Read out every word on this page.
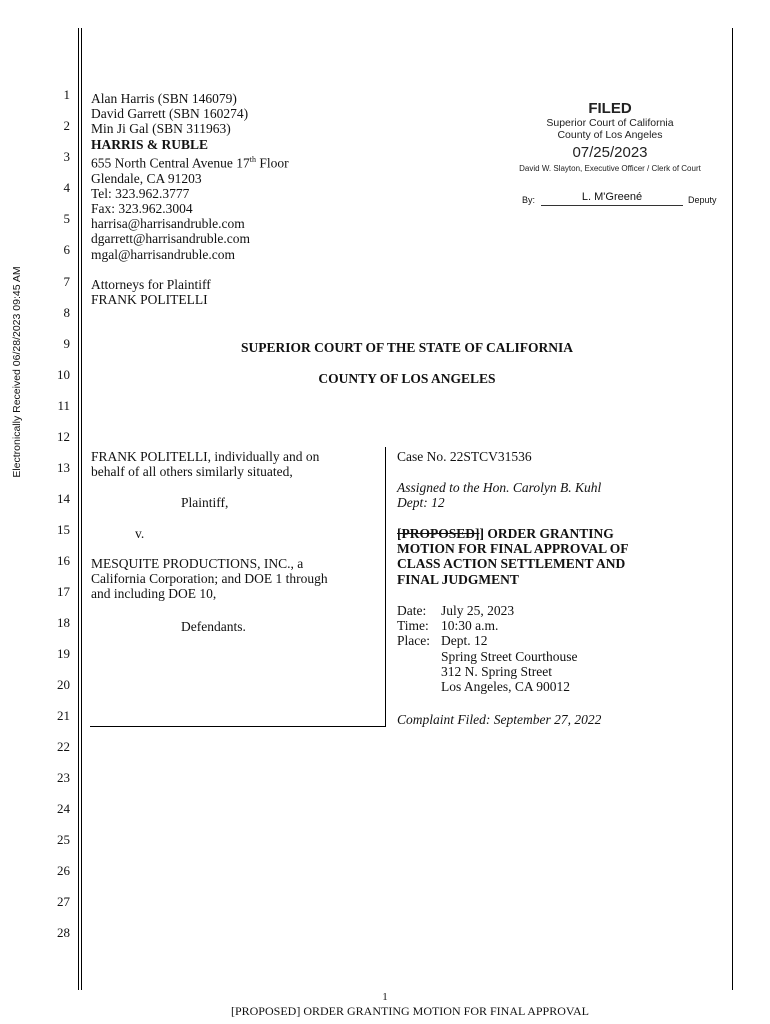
Electronically Received 06/28/2023 09:45 AM
1
2
3
4
5
6
7
8
9
10
11
12
13
14
15
16
17
18
19
20
21
22
23
24
25
26
27
28
Alan Harris (SBN 146079)
David Garrett (SBN 160274)
Min Ji Gal (SBN 311963)
HARRIS & RUBLE
655 North Central Avenue 17th Floor
Glendale, CA 91203
Tel: 323.962.3777
Fax: 323.962.3004
harrisa@harrisandruble.com
dgarrett@harrisandruble.com
mgal@harrisandruble.com
Attorneys for Plaintiff
FRANK POLITELLI
FILED
Superior Court of California
County of Los Angeles
07/25/2023
David W. Slayton, Executive Officer / Clerk of Court
By:	L. M'Greené	Deputy
SUPERIOR COURT OF THE STATE OF CALIFORNIA
COUNTY OF LOS ANGELES
FRANK POLITELLI, individually and on
behalf of all others similarly situated,
Plaintiff,
v.
MESQUITE PRODUCTIONS, INC., a
California Corporation; and DOE 1 through
and including DOE 10,
Defendants.
Case No. 22STCV31536
Assigned to the Hon. Carolyn B. Kuhl
Dept: 12
[PROPOSED]] ORDER GRANTING
MOTION FOR FINAL APPROVAL OF
CLASS ACTION SETTLEMENT AND
FINAL JUDGMENT
Date: July 25, 2023
Time: 10:30 a.m.
Place: Dept. 12
Spring Street Courthouse
312 N. Spring Street
Los Angeles, CA 90012
Complaint Filed: September 27, 2022
1
[PROPOSED] ORDER GRANTING MOTION FOR FINAL APPROVAL
